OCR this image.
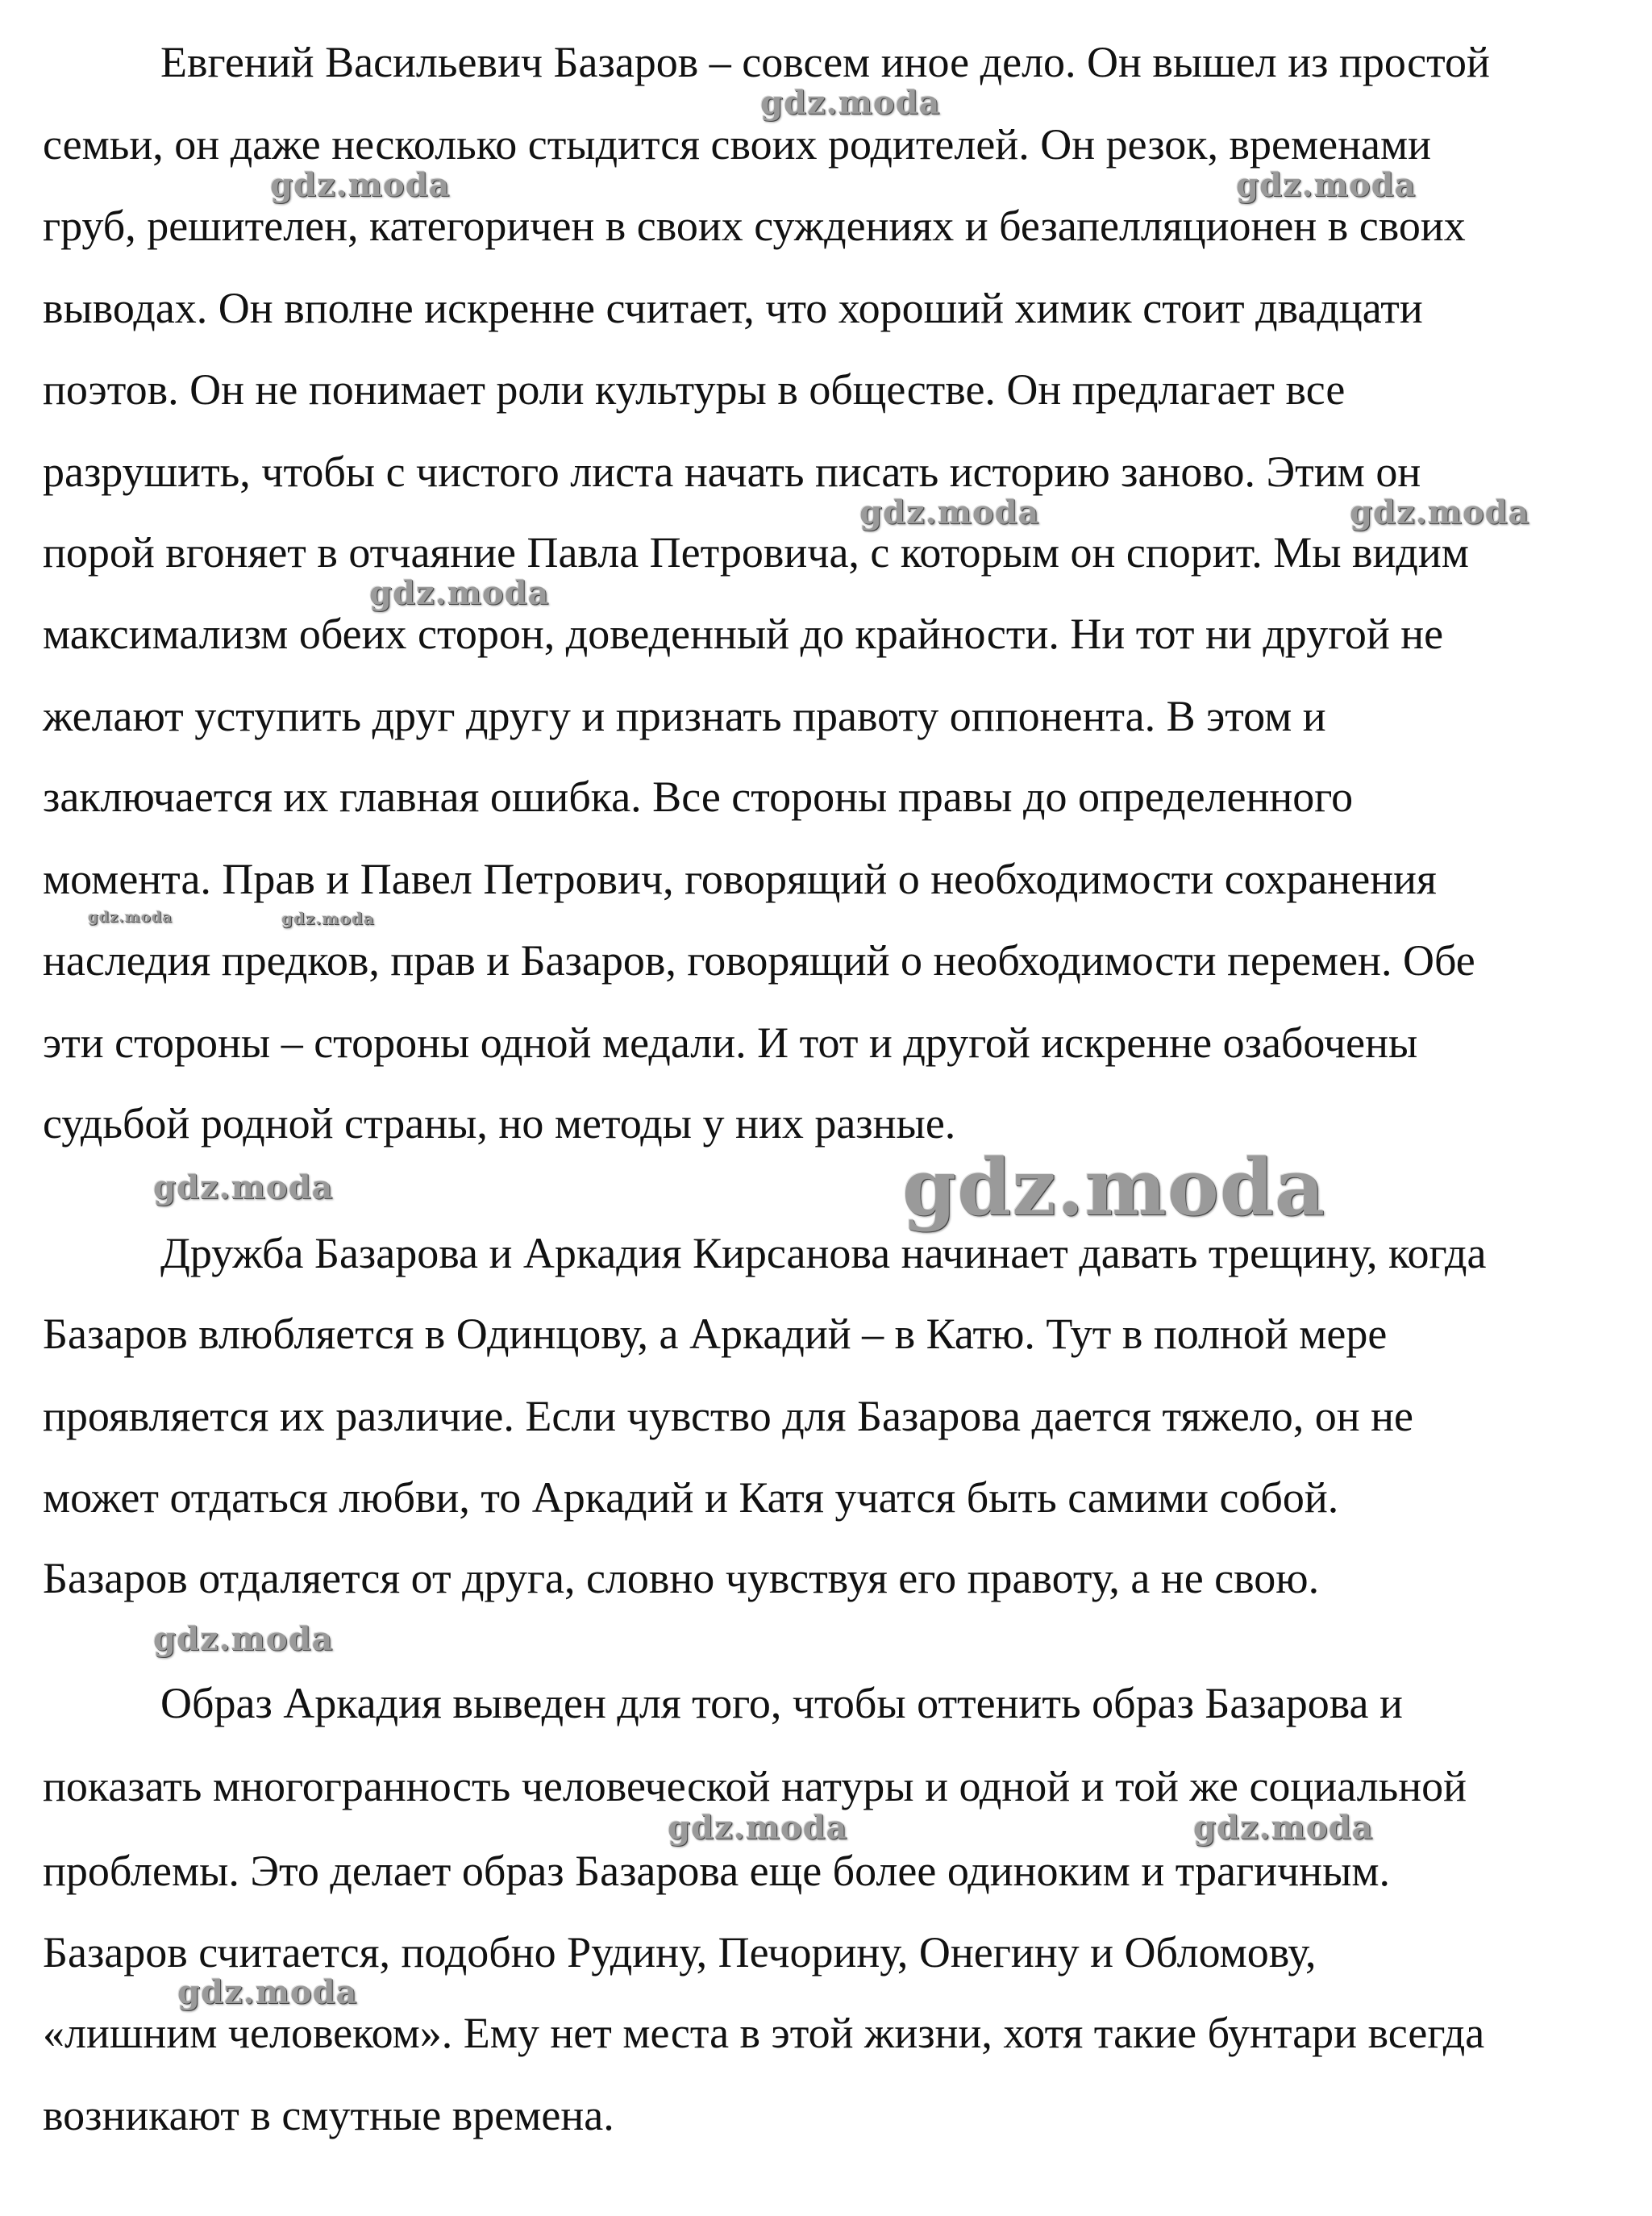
Евгений Васильевич Базаров – совсем иное дело. Он вышел из простой
семьи, он даже несколько стыдится своих родителей. Он резок, временами
груб, решителен, категоричен в своих суждениях и безапелляционен в своих
выводах. Он вполне искренне считает, что хороший химик стоит двадцати
поэтов. Он не понимает роли культуры в обществе. Он предлагает все
разрушить, чтобы с чистого листа начать писать историю заново. Этим он
порой вгоняет в отчаяние Павла Петровича, с которым он спорит. Мы видим
максимализм обеих сторон, доведенный до крайности. Ни тот ни другой не
желают уступить друг другу и признать правоту оппонента. В этом и
заключается их главная ошибка. Все стороны правы до определенного
момента. Прав и Павел Петрович, говорящий о необходимости сохранения
наследия предков, прав и Базаров, говорящий о необходимости перемен. Обе
эти стороны – стороны одной медали. И тот и другой искренне озабочены
судьбой родной страны, но методы у них разные.
Дружба Базарова и Аркадия Кирсанова начинает давать трещину, когда
Базаров влюбляется в Одинцову, а Аркадий – в Катю. Тут в полной мере
проявляется их различие. Если чувство для Базарова дается тяжело, он не
может отдаться любви, то Аркадий и Катя учатся быть самими собой.
Базаров отдаляется от друга, словно чувствуя его правоту, а не свою.
Образ Аркадия выведен для того, чтобы оттенить образ Базарова и
показать многогранность человеческой натуры и одной и той же социальной
проблемы. Это делает образ Базарова еще более одиноким и трагичным.
Базаров считается, подобно Рудину, Печорину, Онегину и Обломову,
«лишним человеком». Ему нет места в этой жизни, хотя такие бунтари всегда
возникают в смутные времена.
gdz.moda
gdz.moda	gdz.moda
gdz.moda	gdz.moda
gdz.moda
gdz.moda	gdz.moda
gdz.moda	gdz.moda
gdz.moda
gdz.moda	gdz.moda
gdz.moda
